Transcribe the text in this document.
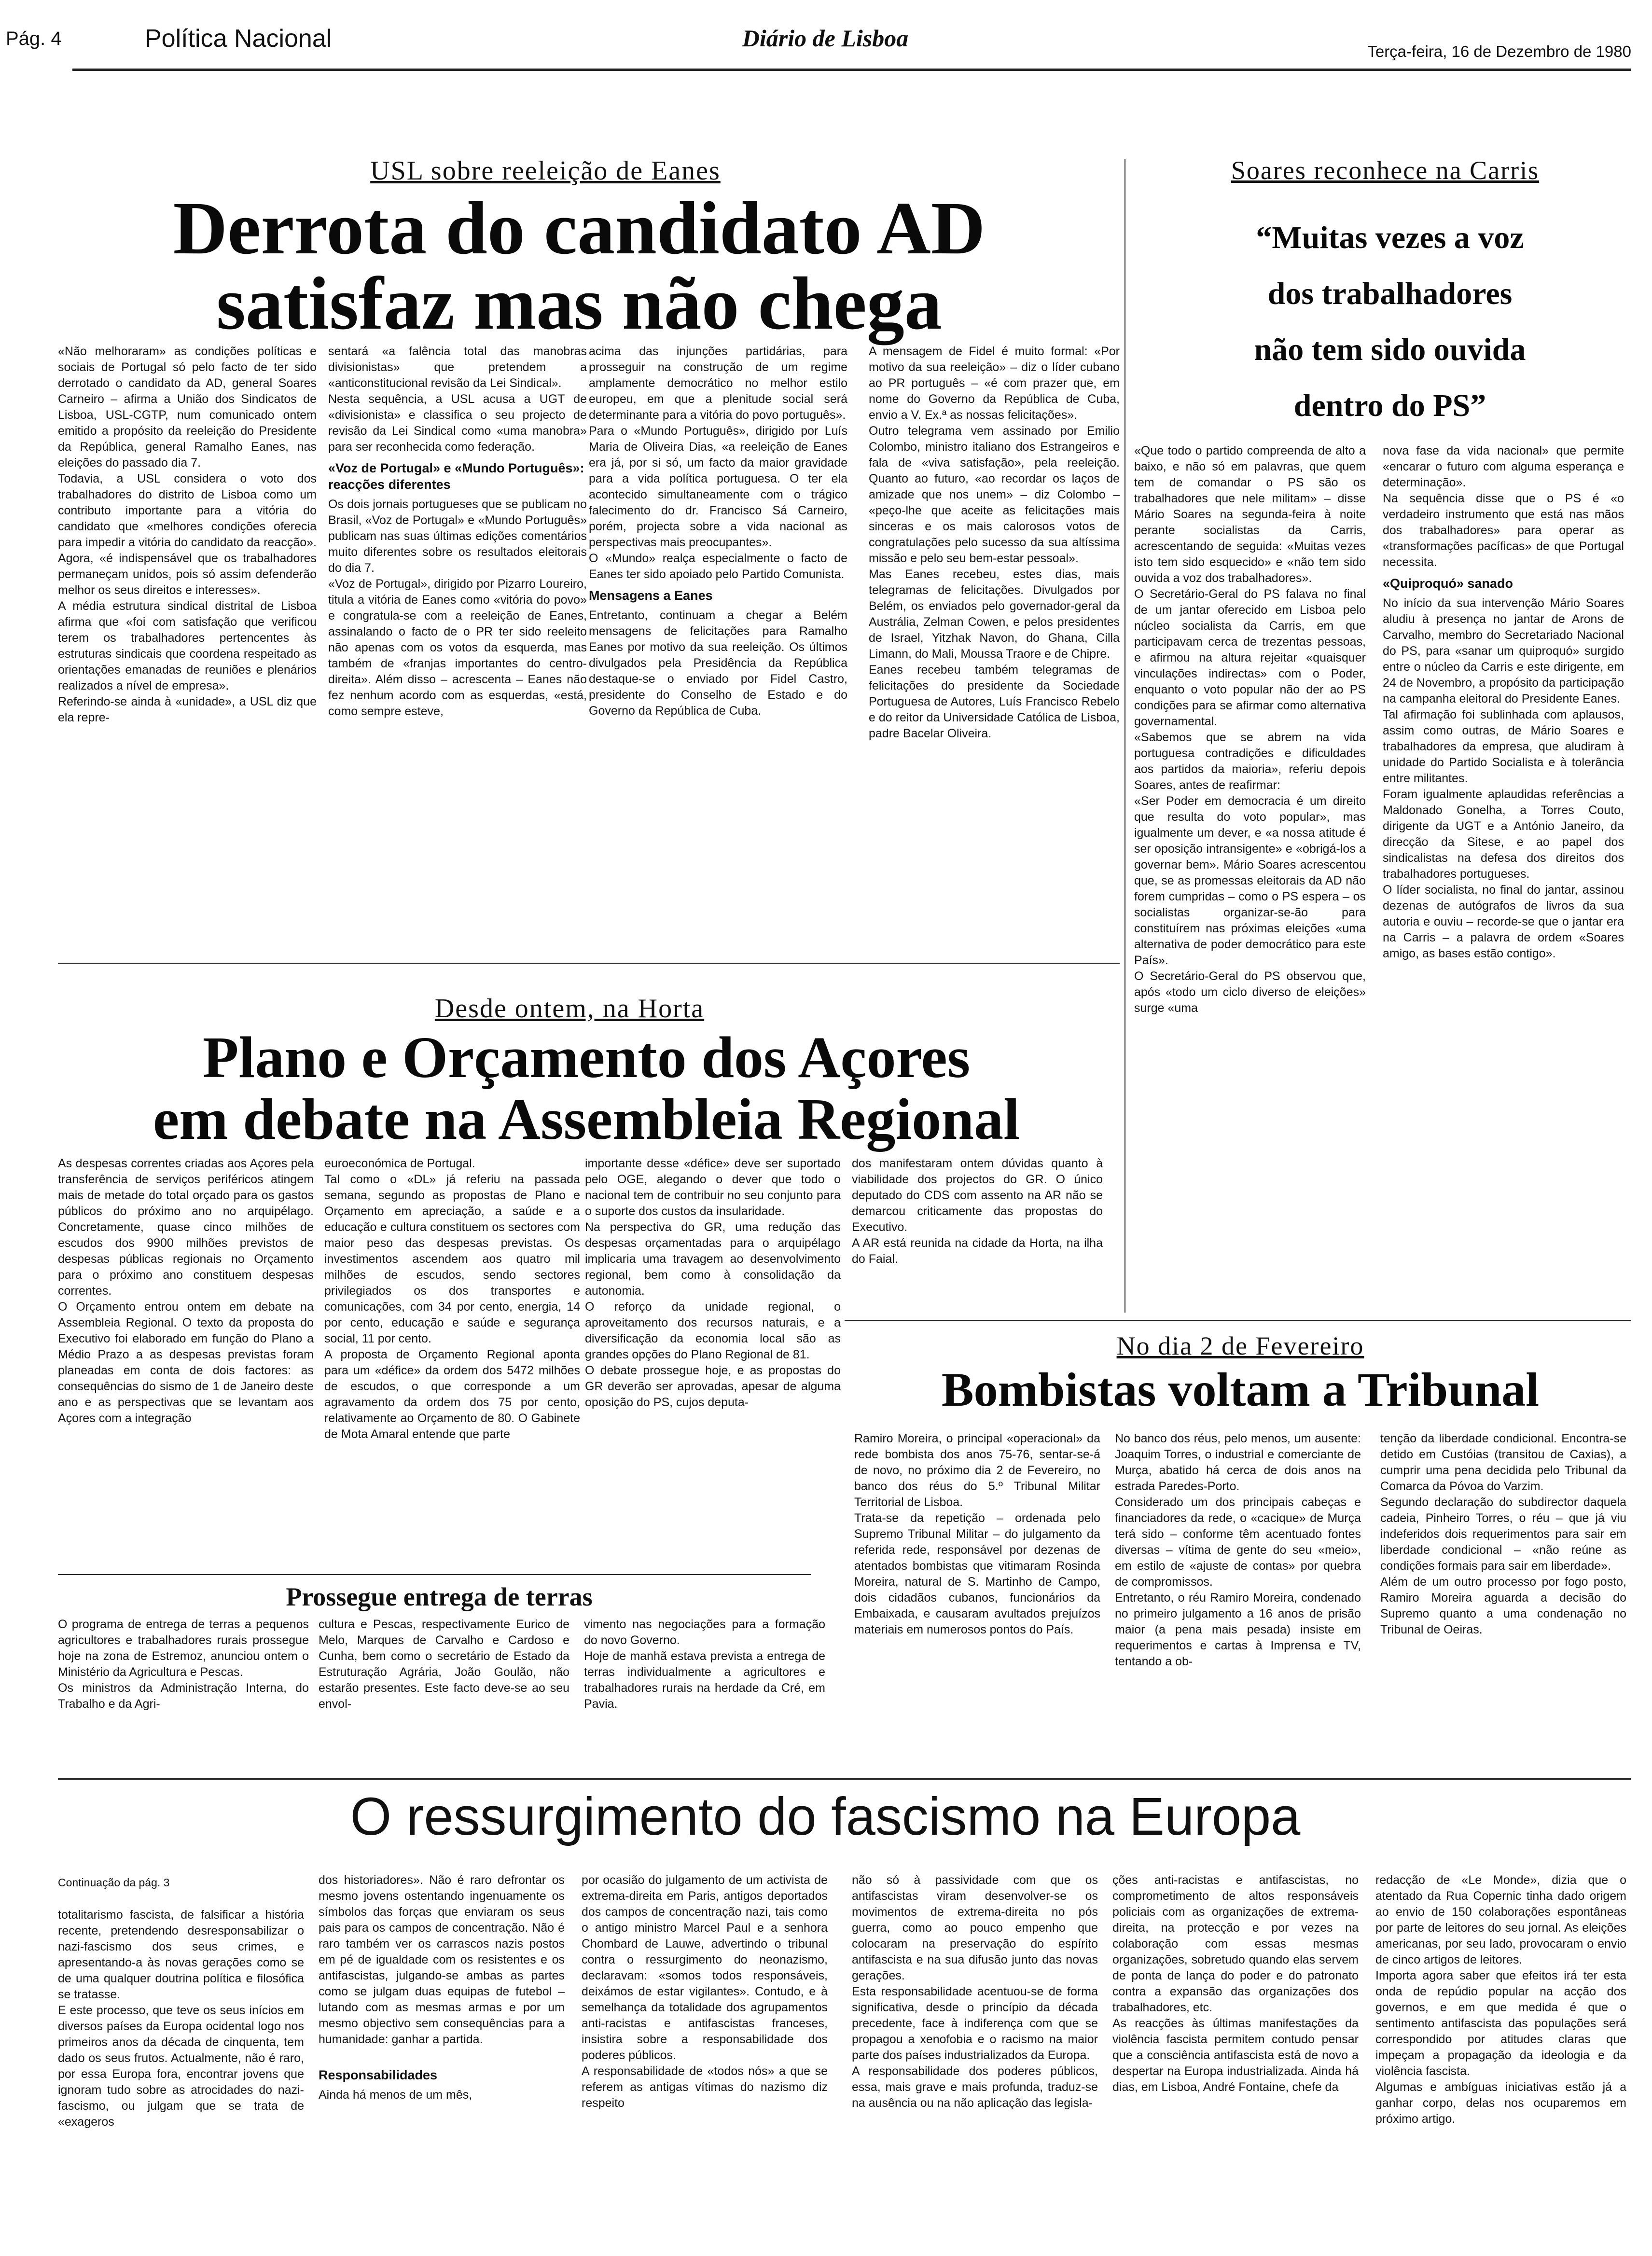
Pág. 4	Política Nacional	Diário de Lisboa	Terça-feira, 16 de Dezembro de 1980
USL sobre reeleição de Eanes
Derrota do candidato AD
satisfaz mas não chega
«Não melhoraram» as condições políticas e sociais de Portugal só pelo facto de ter sido derrotado o candidato da AD, general Soares Carneiro – afirma a União dos Sindicatos de Lisboa, USL-CGTP, num comunicado ontem emitido a propósito da reeleição do Presidente da República, general Ramalho Eanes, nas eleições do passado dia 7.
Todavia, a USL considera o voto dos trabalhadores do distrito de Lisboa como um contributo importante para a vitória do candidato que «melhores condições oferecia para impedir a vitória do candidato da reacção». Agora, «é indispensável que os trabalhadores permaneçam unidos, pois só assim defenderão melhor os seus direitos e interesses».
A média estrutura sindical distrital de Lisboa afirma que «foi com satisfação que verificou terem os trabalhadores pertencentes às estruturas sindicais que coordena respeitado as orientações emanadas de reuniões e plenários realizados a nível de empresa».
Referindo-se ainda à «unidade», a USL diz que ela repre-
sentará «a falência total das manobras divisionistas» que pretendem a «anticonstitucional revisão da Lei Sindical».
Nesta sequência, a USL acusa a UGT de «divisionista» e classifica o seu projecto de revisão da Lei Sindical como «uma manobra» para ser reconhecida como federação.
«Voz de Portugal» e «Mundo Português»: reacções diferentes
Os dois jornais portugueses que se publicam no Brasil, «Voz de Portugal» e «Mundo Português» publicam nas suas últimas edições comentários muito diferentes sobre os resultados eleitorais do dia 7.
«Voz de Portugal», dirigido por Pizarro Loureiro, titula a vitória de Eanes como «vitória do povo» e congratula-se com a reeleição de Eanes, assinalando o facto de o PR ter sido reeleito não apenas com os votos da esquerda, mas também de «franjas importantes do centro-direita». Além disso – acrescenta – Eanes não fez nenhum acordo com as esquerdas, «está, como sempre esteve,
acima das injunções partidárias, para prosseguir na construção de um regime amplamente democrático no melhor estilo europeu, em que a plenitude social será determinante para a vitória do povo português».
Para o «Mundo Português», dirigido por Luís Maria de Oliveira Dias, «a reeleição de Eanes era já, por si só, um facto da maior gravidade para a vida política portuguesa. O ter ela acontecido simultaneamente com o trágico falecimento do dr. Francisco Sá Carneiro, porém, projecta sobre a vida nacional as perspectivas mais preocupantes».
O «Mundo» realça especialmente o facto de Eanes ter sido apoiado pelo Partido Comunista.
Mensagens a Eanes
Entretanto, continuam a chegar a Belém mensagens de felicitações para Ramalho Eanes por motivo da sua reeleição. Os últimos divulgados pela Presidência da República destaque-se o enviado por Fidel Castro, presidente do Conselho de Estado e do Governo da República de Cuba.
A mensagem de Fidel é muito formal: «Por motivo da sua reeleição» – diz o líder cubano ao PR português – «é com prazer que, em nome do Governo da República de Cuba, envio a V. Ex.ª as nossas felicitações».
Outro telegrama vem assinado por Emilio Colombo, ministro italiano dos Estrangeiros e fala de «viva satisfação», pela reeleição. Quanto ao futuro, «ao recordar os laços de amizade que nos unem» – diz Colombo – «peço-lhe que aceite as felicitações mais sinceras e os mais calorosos votos de congratulações pelo sucesso da sua altíssima missão e pelo seu bem-estar pessoal».
Mas Eanes recebeu, estes dias, mais telegramas de felicitações. Divulgados por Belém, os enviados pelo governador-geral da Austrália, Zelman Cowen, e pelos presidentes de Israel, Yitzhak Navon, do Ghana, Cilla Limann, do Mali, Moussa Traore e de Chipre.
Eanes recebeu também telegramas de felicitações do presidente da Sociedade Portuguesa de Autores, Luís Francisco Rebelo e do reitor da Universidade Católica de Lisboa, padre Bacelar Oliveira.
Soares reconhece na Carris
“Muitas vezes a voz
dos trabalhadores
não tem sido ouvida
dentro do PS”
«Que todo o partido compreenda de alto a baixo, e não só em palavras, que quem tem de comandar o PS são os trabalhadores que nele militam» – disse Mário Soares na segunda-feira à noite perante socialistas da Carris, acrescentando de seguida: «Muitas vezes isto tem sido esquecido» e «não tem sido ouvida a voz dos trabalhadores».
O Secretário-Geral do PS falava no final de um jantar oferecido em Lisboa pelo núcleo socialista da Carris, em que participavam cerca de trezentas pessoas, e afirmou na altura rejeitar «quaisquer vinculações indirectas» com o Poder, enquanto o voto popular não der ao PS condições para se afirmar como alternativa governamental.
«Sabemos que se abrem na vida portuguesa contradições e dificuldades aos partidos da maioria», referiu depois Soares, antes de reafirmar:
«Ser Poder em democracia é um direito que resulta do voto popular», mas igualmente um dever, e «a nossa atitude é ser oposição intransigente» e «obrigá-los a governar bem». Mário Soares acrescentou que, se as promessas eleitorais da AD não forem cumpridas – como o PS espera – os socialistas organizar-se-ão para constituírem nas próximas eleições «uma alternativa de poder democrático para este País».
O Secretário-Geral do PS observou que, após «todo um ciclo diverso de eleições» surge «uma
nova fase da vida nacional» que permite «encarar o futuro com alguma esperança e determinação».
Na sequência disse que o PS é «o verdadeiro instrumento que está nas mãos dos trabalhadores» para operar as «transformações pacíficas» de que Portugal necessita.
«Quiproquó» sanado
No início da sua intervenção Mário Soares aludiu à presença no jantar de Arons de Carvalho, membro do Secretariado Nacional do PS, para «sanar um quiproquó» surgido entre o núcleo da Carris e este dirigente, em 24 de Novembro, a propósito da participação na campanha eleitoral do Presidente Eanes.
Tal afirmação foi sublinhada com aplausos, assim como outras, de Mário Soares e trabalhadores da empresa, que aludiram à unidade do Partido Socialista e à tolerância entre militantes.
Foram igualmente aplaudidas referências a Maldonado Gonelha, a Torres Couto, dirigente da UGT e a António Janeiro, da direcção da Sitese, e ao papel dos sindicalistas na defesa dos direitos dos trabalhadores portugueses.
O líder socialista, no final do jantar, assinou dezenas de autógrafos de livros da sua autoria e ouviu – recorde-se que o jantar era na Carris – a palavra de ordem «Soares amigo, as bases estão contigo».
Desde ontem, na Horta
Plano e Orçamento dos Açores
em debate na Assembleia Regional
As despesas correntes criadas aos Açores pela transferência de serviços periféricos atingem mais de metade do total orçado para os gastos públicos do próximo ano no arquipélago. Concretamente, quase cinco milhões de escudos dos 9900 milhões previstos de despesas públicas regionais no Orçamento para o próximo ano constituem despesas correntes.
O Orçamento entrou ontem em debate na Assembleia Regional. O texto da proposta do Executivo foi elaborado em função do Plano a Médio Prazo a as despesas previstas foram planeadas em conta de dois factores: as consequências do sismo de 1 de Janeiro deste ano e as perspectivas que se levantam aos Açores com a integração
euroeconómica de Portugal.
Tal como o «DL» já referiu na passada semana, segundo as propostas de Plano e Orçamento em apreciação, a saúde e a educação e cultura constituem os sectores com maior peso das despesas previstas. Os investimentos ascendem aos quatro mil milhões de escudos, sendo sectores privilegiados os dos transportes e comunicações, com 34 por cento, energia, 14 por cento, educação e saúde e segurança social, 11 por cento.
A proposta de Orçamento Regional aponta para um «défice» da ordem dos 5472 milhões de escudos, o que corresponde a um agravamento da ordem dos 75 por cento, relativamente ao Orçamento de 80. O Gabinete de Mota Amaral entende que parte
importante desse «défice» deve ser suportado pelo OGE, alegando o dever que todo o nacional tem de contribuir no seu conjunto para o suporte dos custos da insularidade.
Na perspectiva do GR, uma redução das despesas orçamentadas para o arquipélago implicaria uma travagem ao desenvolvimento regional, bem como à consolidação da autonomia.
O reforço da unidade regional, o aproveitamento dos recursos naturais, e a diversificação da economia local são as grandes opções do Plano Regional de 81.
O debate prossegue hoje, e as propostas do GR deverão ser aprovadas, apesar de alguma oposição do PS, cujos deputa-
dos manifestaram ontem dúvidas quanto à viabilidade dos projectos do GR. O único deputado do CDS com assento na AR não se demarcou criticamente das propostas do Executivo.
A AR está reunida na cidade da Horta, na ilha do Faial.
Prossegue entrega de terras
O programa de entrega de terras a pequenos agricultores e trabalhadores rurais prossegue hoje na zona de Estremoz, anunciou ontem o Ministério da Agricultura e Pescas.
Os ministros da Administração Interna, do Trabalho e da Agri-
cultura e Pescas, respectivamente Eurico de Melo, Marques de Carvalho e Cardoso e Cunha, bem como o secretário de Estado da Estruturação Agrária, João Goulão, não estarão presentes. Este facto deve-se ao seu envol-
vimento nas negociações para a formação do novo Governo.
Hoje de manhã estava prevista a entrega de terras individualmente a agricultores e trabalhadores rurais na herdade da Cré, em Pavia.
No dia 2 de Fevereiro
Bombistas voltam a Tribunal
Ramiro Moreira, o principal «operacional» da rede bombista dos anos 75-76, sentar-se-á de novo, no próximo dia 2 de Fevereiro, no banco dos réus do 5.º Tribunal Militar Territorial de Lisboa.
Trata-se da repetição – ordenada pelo Supremo Tribunal Militar – do julgamento da referida rede, responsável por dezenas de atentados bombistas que vitimaram Rosinda Moreira, natural de S. Martinho de Campo, dois cidadãos cubanos, funcionários da Embaixada, e causaram avultados prejuízos materiais em numerosos pontos do País.
No banco dos réus, pelo menos, um ausente: Joaquim Torres, o industrial e comerciante de Murça, abatido há cerca de dois anos na estrada Paredes-Porto.
Considerado um dos principais cabeças e financiadores da rede, o «cacique» de Murça terá sido – conforme têm acentuado fontes diversas – vítima de gente do seu «meio», em estilo de «ajuste de contas» por quebra de compromissos.
Entretanto, o réu Ramiro Moreira, condenado no primeiro julgamento a 16 anos de prisão maior (a pena mais pesada) insiste em requerimentos e cartas à Imprensa e TV, tentando a ob-
tenção da liberdade condicional. Encontra-se detido em Custóias (transitou de Caxias), a cumprir uma pena decidida pelo Tribunal da Comarca da Póvoa do Varzim.
Segundo declaração do subdirector daquela cadeia, Pinheiro Torres, o réu – que já viu indeferidos dois requerimentos para sair em liberdade condicional – «não reúne as condições formais para sair em liberdade».
Além de um outro processo por fogo posto, Ramiro Moreira aguarda a decisão do Supremo quanto a uma condenação no Tribunal de Oeiras.
O ressurgimento do fascismo na Europa
Continuação da pág. 3
totalitarismo fascista, de falsificar a história recente, pretendendo desresponsabilizar o nazi-fascismo dos seus crimes, e apresentando-a às novas gerações como se de uma qualquer doutrina política e filosófica se tratasse.
E este processo, que teve os seus inícios em diversos países da Europa ocidental logo nos primeiros anos da década de cinquenta, tem dado os seus frutos. Actualmente, não é raro, por essa Europa fora, encontrar jovens que ignoram tudo sobre as atrocidades do nazi-fascismo, ou julgam que se trata de «exageros
dos historiadores». Não é raro defrontar os mesmo jovens ostentando ingenuamente os símbolos das forças que enviaram os seus pais para os campos de concentração. Não é raro também ver os carrascos nazis postos em pé de igualdade com os resistentes e os antifascistas, julgando-se ambas as partes como se julgam duas equipas de futebol – lutando com as mesmas armas e por um mesmo objectivo sem consequências para a humanidade: ganhar a partida.
Responsabilidades
Ainda há menos de um mês,
por ocasião do julgamento de um activista de extrema-direita em Paris, antigos deportados dos campos de concentração nazi, tais como o antigo ministro Marcel Paul e a senhora Chombard de Lauwe, advertindo o tribunal contra o ressurgimento do neonazismo, declaravam: «somos todos responsáveis, deixámos de estar vigilantes». Contudo, e à semelhança da totalidade dos agrupamentos anti-racistas e antifascistas franceses, insistira sobre a responsabilidade dos poderes públicos.
A responsabilidade de «todos nós» a que se referem as antigas vítimas do nazismo diz respeito
não só à passividade com que os antifascistas viram desenvolver-se os movimentos de extrema-direita no pós guerra, como ao pouco empenho que colocaram na preservação do espírito antifascista e na sua difusão junto das novas gerações.
Esta responsabilidade acentuou-se de forma significativa, desde o princípio da década precedente, face à indiferença com que se propagou a xenofobia e o racismo na maior parte dos países industrializados da Europa.
A responsabilidade dos poderes públicos, essa, mais grave e mais profunda, traduz-se na ausência ou na não aplicação das legisla-
ções anti-racistas e antifascistas, no comprometimento de altos responsáveis policiais com as organizações de extrema-direita, na protecção e por vezes na colaboração com essas mesmas organizações, sobretudo quando elas servem de ponta de lança do poder e do patronato contra a expansão das organizações dos trabalhadores, etc.
As reacções às últimas manifestações da violência fascista permitem contudo pensar que a consciência antifascista está de novo a despertar na Europa industrializada. Ainda há dias, em Lisboa, André Fontaine, chefe da
redacção de «Le Monde», dizia que o atentado da Rua Copernic tinha dado origem ao envio de 150 colaborações espontâneas por parte de leitores do seu jornal. As eleições americanas, por seu lado, provocaram o envio de cinco artigos de leitores.
Importa agora saber que efeitos irá ter esta onda de repúdio popular na acção dos governos, e em que medida é que o sentimento antifascista das populações será correspondido por atitudes claras que impeçam a propagação da ideologia e da violência fascista.
Algumas e ambíguas iniciativas estão já a ganhar corpo, delas nos ocuparemos em próximo artigo.
